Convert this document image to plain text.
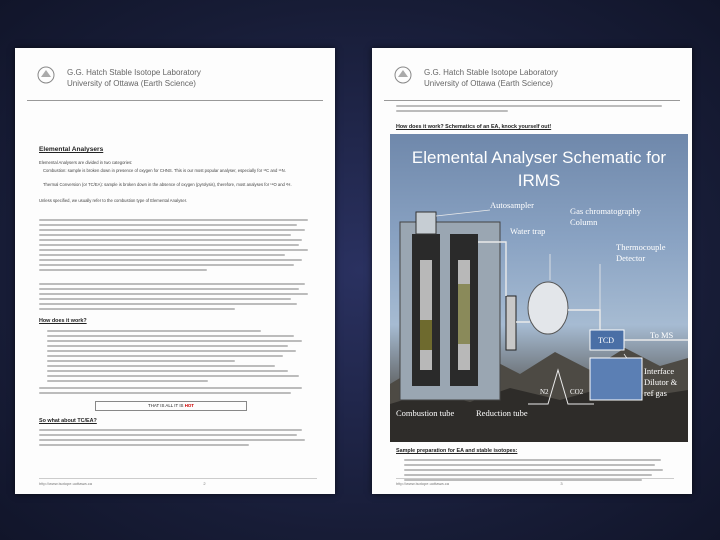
G.G. Hatch Stable Isotope Laboratory
University of Ottawa (Earth Science)
Elemental Analysers
Elemental Analysers are divided in two categories:
Combustion: sample is broken down in presence of oxygen for CHNS. This is our most popular analyser, especially for ¹³C and ¹⁵N.
Thermal Conversion (or TC/EA): sample is broken down in the absence of oxygen (pyrolysis), therefore, most analyses for ¹⁸O and ²H.
Unless specified, we usually refer to the combustion type of Elemental Analyser.
How does it work?
THAT IS ALL IT IS HOT
So what about TC/EA?
http://www.isotope.uottawa.ca	2
G.G. Hatch Stable Isotope Laboratory
University of Ottawa (Earth Science)
How does it work? Schematics of an EA, knock yourself out!
Elemental Analyser Schematic for
IRMS
Autosampler
Water trap
Gas chromatography
Column
Thermocouple
Detector
TCD
To MS
Interface
Dilutor &
ref gas
N2	CO2
Combustion tube	Reduction tube
Sample preparation for EA and stable isotopes:
http://www.isotope.uottawa.ca	3
